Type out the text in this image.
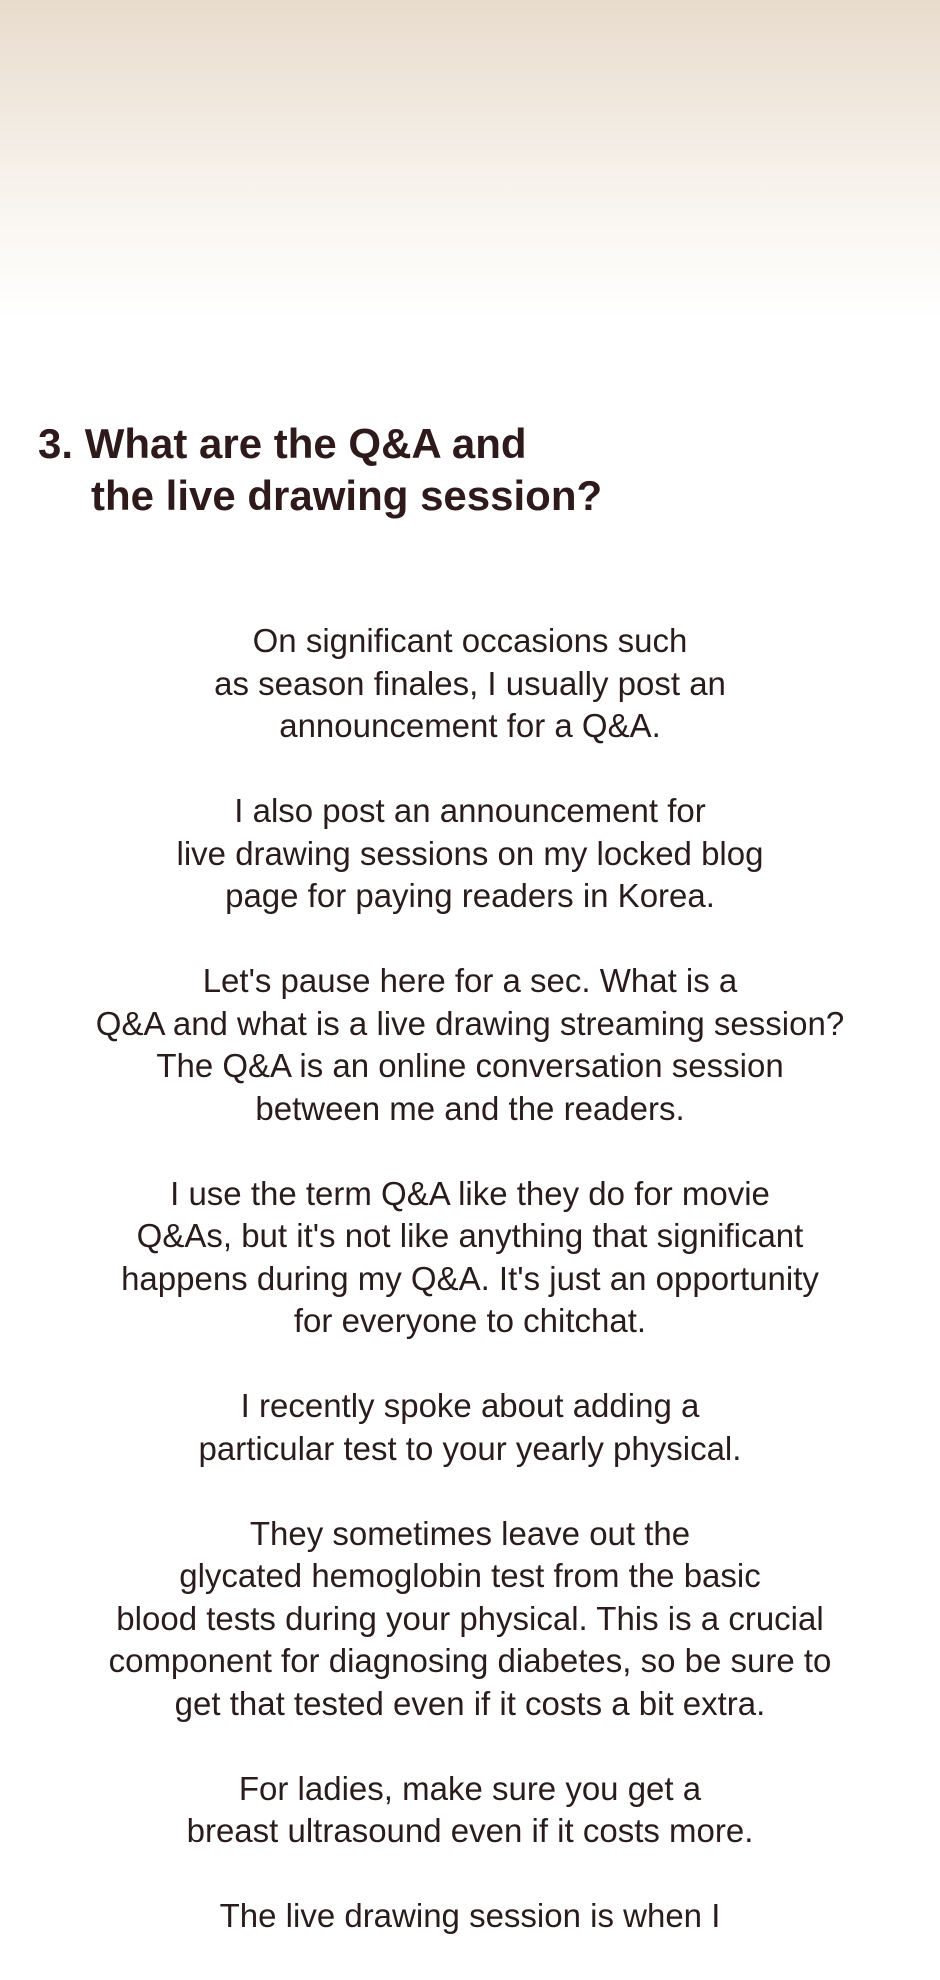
3. What are the Q&A and
the live drawing session?

On significant occasions such
as season finales, I usually post an
announcement for a Q&A.

I also post an announcement for
live drawing sessions on my locked blog
page for paying readers in Korea.

Let's pause here for a sec. What is a
Q&A and what is a live drawing streaming session?
The Q&A is an online conversation session
between me and the readers.

I use the term Q&A like they do for movie
Q&As, but it's not like anything that significant
happens during my Q&A. It's just an opportunity
for everyone to chitchat.

I recently spoke about adding a
particular test to your yearly physical.

They sometimes leave out the
glycated hemoglobin test from the basic
blood tests during your physical. This is a crucial
component for diagnosing diabetes, so be sure to
get that tested even if it costs a bit extra.

For ladies, make sure you get a
breast ultrasound even if it costs more.

The live drawing session is when I
